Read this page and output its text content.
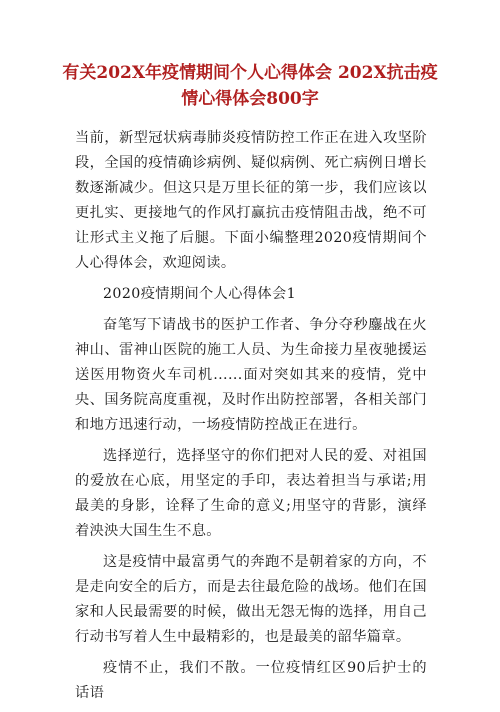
有关202X年疫情期间个人心得体会 202X抗击疫情心得体会800字

当前，新型冠状病毒肺炎疫情防控工作正在进入攻坚阶段，全国的疫情确诊病例、疑似病例、死亡病例日增长数逐渐减少。但这只是万里长征的第一步，我们应该以更扎实、更接地气的作风打赢抗击疫情阻击战，绝不可让形式主义拖了后腿。下面小编整理2020疫情期间个人心得体会，欢迎阅读。

2020疫情期间个人心得体会1

奋笔写下请战书的医护工作者、争分夺秒鏖战在火神山、雷神山医院的施工人员、为生命接力星夜驰援运送医用物资火车司机......面对突如其来的疫情，党中央、国务院高度重视，及时作出防控部署，各相关部门和地方迅速行动，一场疫情防控战正在进行。

选择逆行，选择坚守的你们把对人民的爱、对祖国的爱放在心底，用坚定的手印，表达着担当与承诺;用最美的身影，诠释了生命的意义;用坚守的背影，演绎着泱泱大国生生不息。

这是疫情中最富勇气的奔跑不是朝着家的方向，不是走向安全的后方，而是去往最危险的战场。他们在国家和人民最需要的时候，做出无怨无悔的选择，用自己行动书写着人生中最精彩的，也是最美的韶华篇章。

疫情不止，我们不散。一位疫情红区90后护士的话语
